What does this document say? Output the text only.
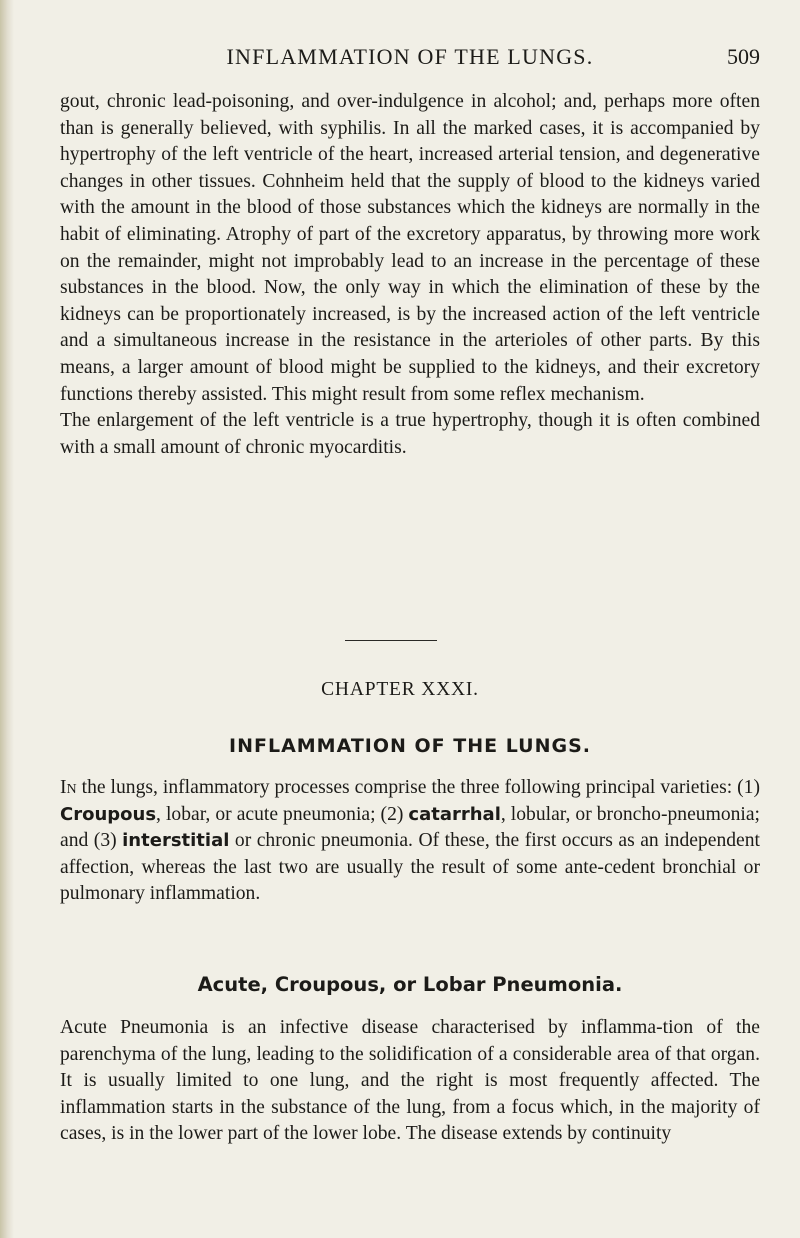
INFLAMMATION OF THE LUNGS.	509

gout, chronic lead-poisoning, and over-indulgence in alcohol; and, perhaps more often than is generally believed, with syphilis. In all the marked cases, it is accompanied by hypertrophy of the left ventricle of the heart, increased arterial tension, and degenerative changes in other tissues. Cohnheim held that the supply of blood to the kidneys varied with the amount in the blood of those substances which the kidneys are normally in the habit of eliminating. Atrophy of part of the excretory apparatus, by throwing more work on the remainder, might not improbably lead to an increase in the percentage of these substances in the blood. Now, the only way in which the elimination of these by the kidneys can be proportionately increased, is by the increased action of the left ventricle and a simultaneous increase in the resistance in the arterioles of other parts. By this means, a larger amount of blood might be supplied to the kidneys, and their excretory functions thereby assisted. This might result from some reflex mechanism.

The enlargement of the left ventricle is a true hypertrophy, though it is often combined with a small amount of chronic myocarditis.

CHAPTER XXXI.
INFLAMMATION OF THE LUNGS.

In the lungs, inflammatory processes comprise the three following principal varieties: (1) Croupous, lobar, or acute pneumonia; (2) catarrhal, lobular, or broncho-pneumonia; and (3) interstitial or chronic pneumonia. Of these, the first occurs as an independent affection, whereas the last two are usually the result of some ante-cedent bronchial or pulmonary inflammation.

Acute, Croupous, or Lobar Pneumonia.

Acute Pneumonia is an infective disease characterised by inflamma-tion of the parenchyma of the lung, leading to the solidification of a considerable area of that organ. It is usually limited to one lung, and the right is most frequently affected. The inflammation starts in the substance of the lung, from a focus which, in the majority of cases, is in the lower part of the lower lobe. The disease extends by continuity
